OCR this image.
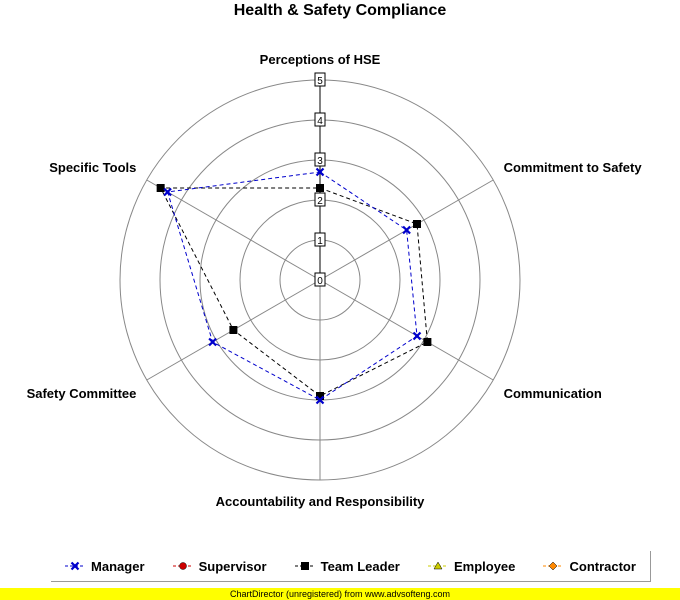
Health & Safety Compliance
0
1
2
3
4
5
Perceptions of HSE
Commitment to Safety
Communication
Accountability and Responsibility
Safety Committee
Specific Tools
Manager	Supervisor	Team Leader	Employee	Contractor
ChartDirector (unregistered) from www.advsofteng.com
